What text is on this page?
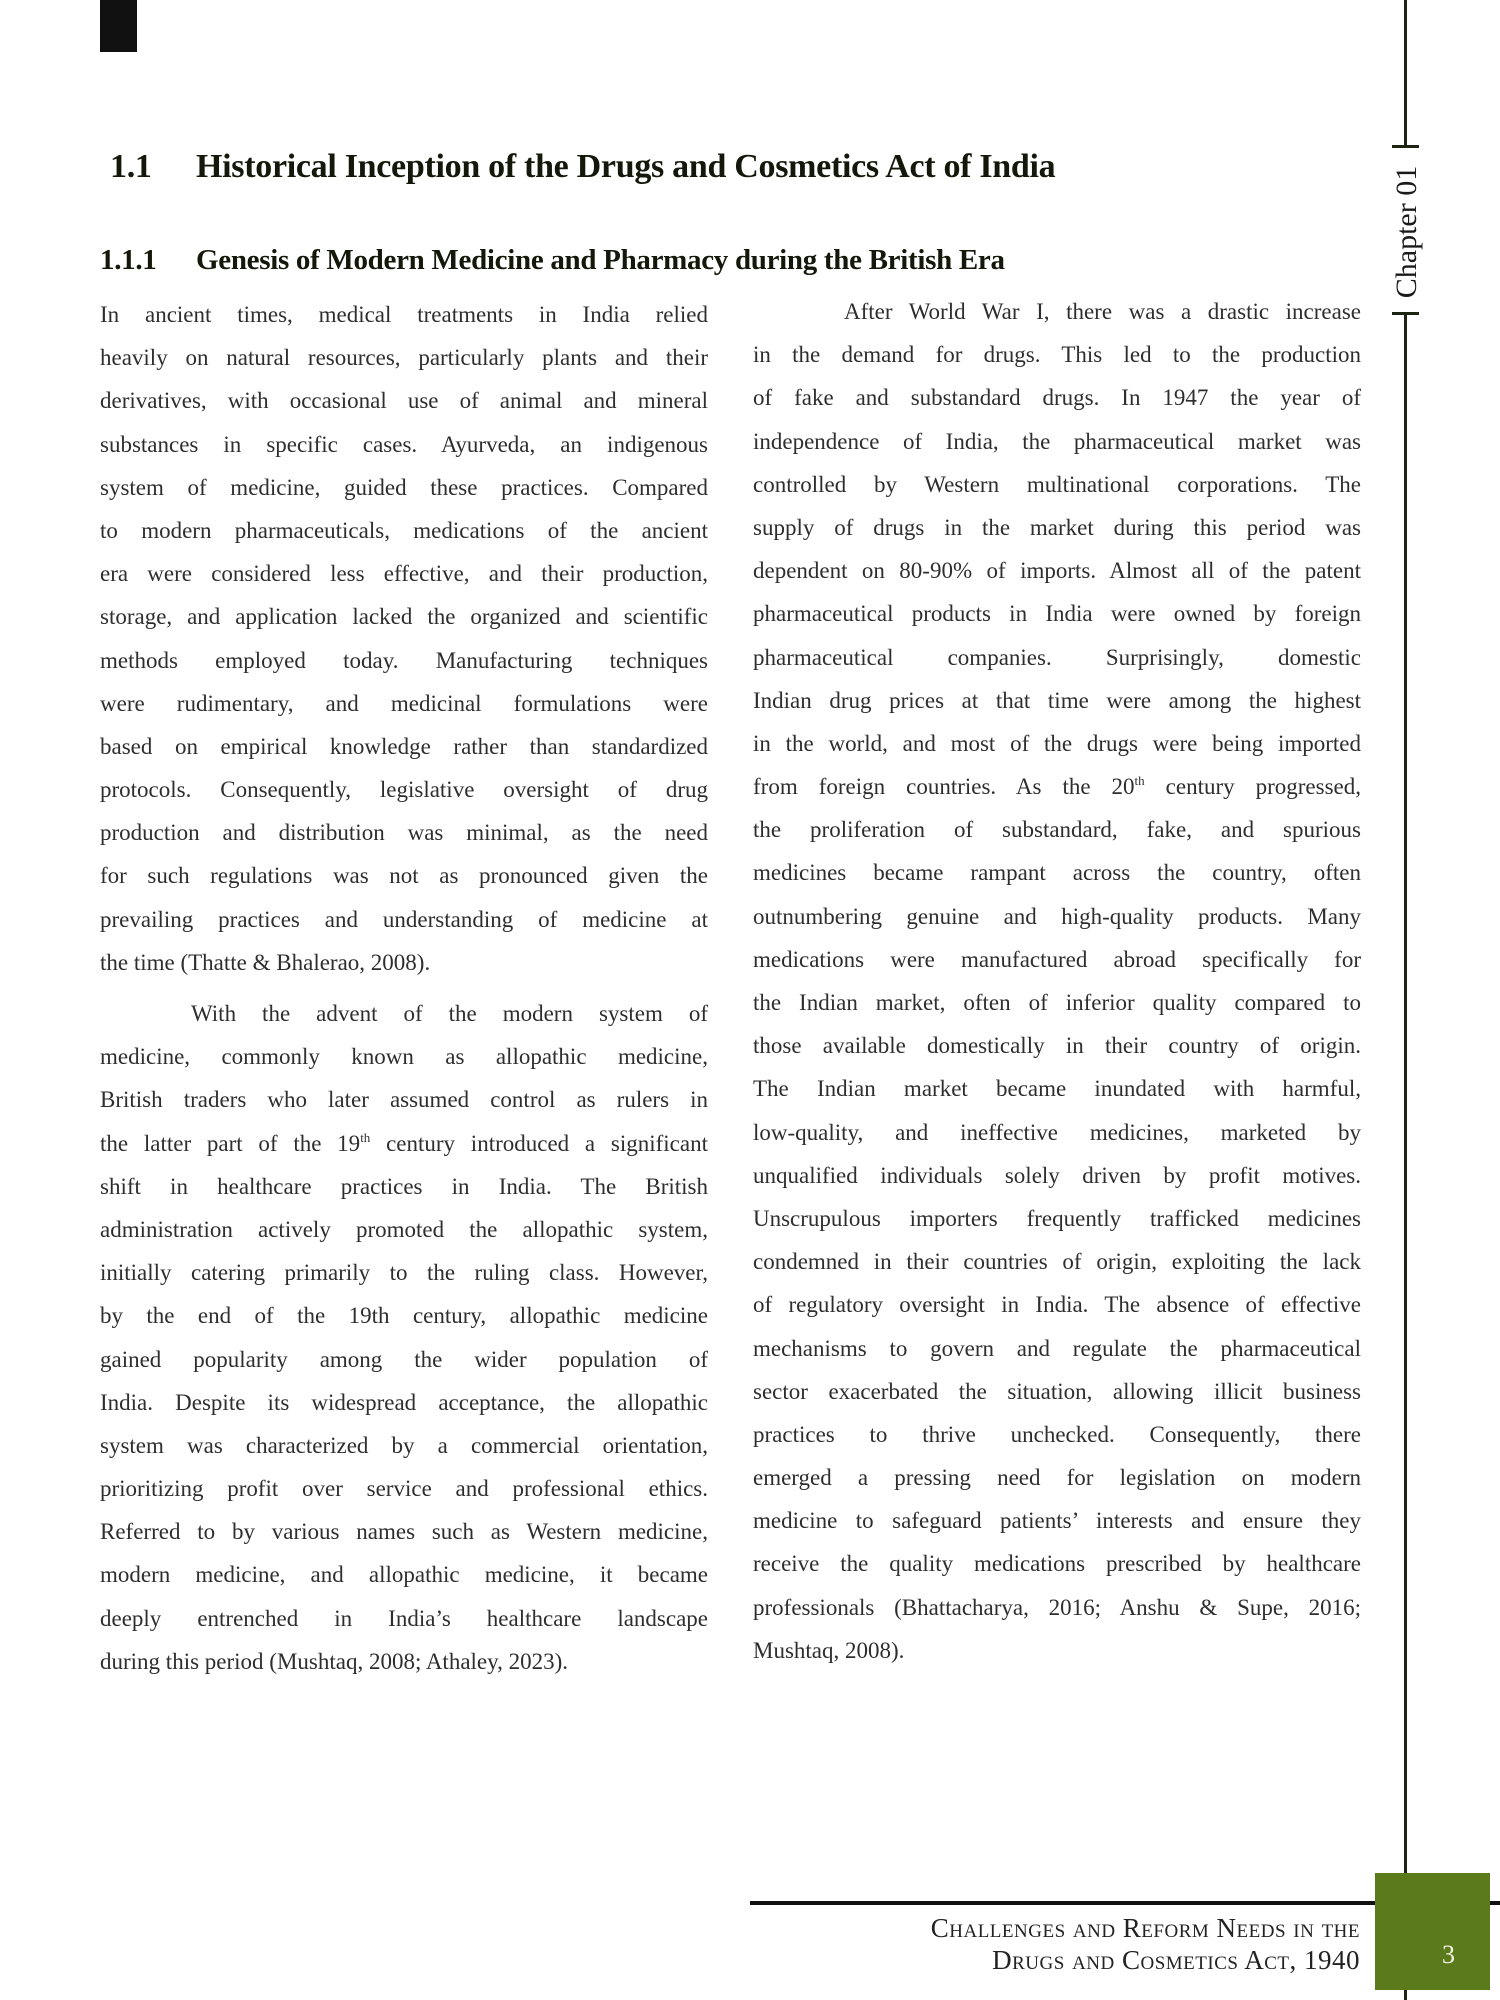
Chapter 01
1.1 Historical Inception of the Drugs and Cosmetics Act of India
1.1.1 Genesis of Modern Medicine and Pharmacy during the British Era

In ancient times, medical treatments in India relied
heavily on natural resources, particularly plants and their
derivatives, with occasional use of animal and mineral
substances in specific cases. Ayurveda, an indigenous
system of medicine, guided these practices. Compared
to modern pharmaceuticals, medications of the ancient
era were considered less effective, and their production,
storage, and application lacked the organized and scientific
methods employed today. Manufacturing techniques
were rudimentary, and medicinal formulations were
based on empirical knowledge rather than standardized
protocols. Consequently, legislative oversight of drug
production and distribution was minimal, as the need
for such regulations was not as pronounced given the
prevailing practices and understanding of medicine at
the time (Thatte & Bhalerao, 2008).

With the advent of the modern system of
medicine, commonly known as allopathic medicine,
British traders who later assumed control as rulers in
the latter part of the 19th century introduced a significant
shift in healthcare practices in India. The British
administration actively promoted the allopathic system,
initially catering primarily to the ruling class. However,
by the end of the 19th century, allopathic medicine
gained popularity among the wider population of
India. Despite its widespread acceptance, the allopathic
system was characterized by a commercial orientation,
prioritizing profit over service and professional ethics.
Referred to by various names such as Western medicine,
modern medicine, and allopathic medicine, it became
deeply entrenched in India’s healthcare landscape
during this period (Mushtaq, 2008; Athaley, 2023).

After World War I, there was a drastic increase
in the demand for drugs. This led to the production
of fake and substandard drugs. In 1947 the year of
independence of India, the pharmaceutical market was
controlled by Western multinational corporations. The
supply of drugs in the market during this period was
dependent on 80-90% of imports. Almost all of the patent
pharmaceutical products in India were owned by foreign
pharmaceutical companies. Surprisingly, domestic
Indian drug prices at that time were among the highest
in the world, and most of the drugs were being imported
from foreign countries. As the 20th century progressed,
the proliferation of substandard, fake, and spurious
medicines became rampant across the country, often
outnumbering genuine and high-quality products. Many
medications were manufactured abroad specifically for
the Indian market, often of inferior quality compared to
those available domestically in their country of origin.
The Indian market became inundated with harmful,
low-quality, and ineffective medicines, marketed by
unqualified individuals solely driven by profit motives.
Unscrupulous importers frequently trafficked medicines
condemned in their countries of origin, exploiting the lack
of regulatory oversight in India. The absence of effective
mechanisms to govern and regulate the pharmaceutical
sector exacerbated the situation, allowing illicit business
practices to thrive unchecked. Consequently, there
emerged a pressing need for legislation on modern
medicine to safeguard patients’ interests and ensure they
receive the quality medications prescribed by healthcare
professionals (Bhattacharya, 2016; Anshu & Supe, 2016;
Mushtaq, 2008).

3
Challenges and Reform Needs in the
Drugs and Cosmetics Act, 1940
